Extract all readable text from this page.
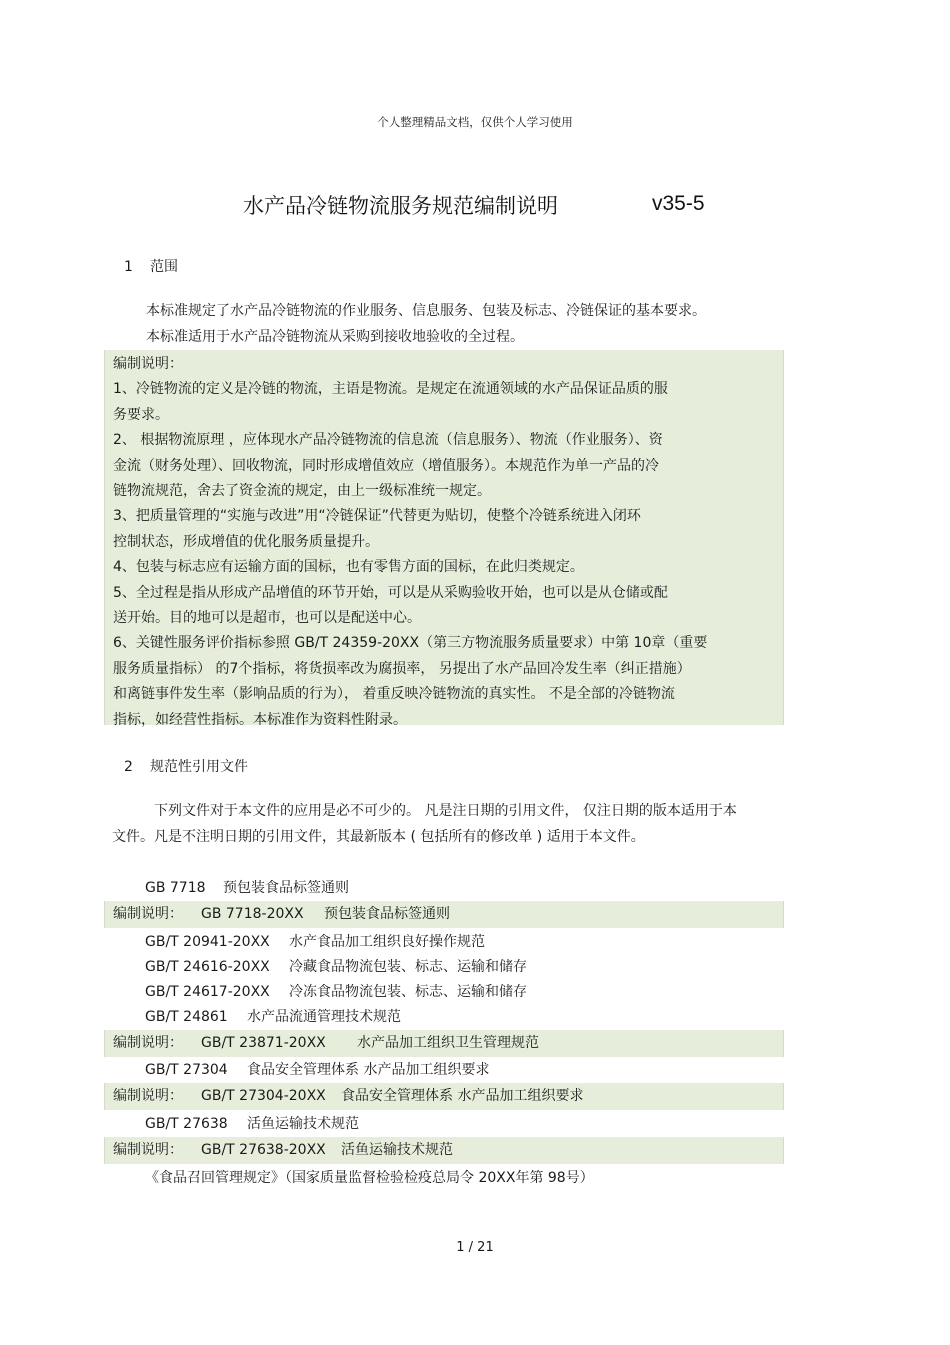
个人整理精品文档，仅供个人学习使用
水产品冷链物流服务规范编制说明	v35-5
1 范围
本标准规定了水产品冷链物流的作业服务、信息服务、包装及标志、冷链保证的基本要求。
本标准适用于水产品冷链物流从采购到接收地验收的全过程。
编制说明：
1、冷链物流的定义是冷链的物流，主语是物流。是规定在流通领域的水产品保证品质的服
务要求。
2、 根据物流原理 ，应体现水产品冷链物流的信息流（信息服务）、物流（作业服务）、资
金流（财务处理）、回收物流，同时形成增值效应（增值服务）。本规范作为单一产品的冷
链物流规范，舍去了资金流的规定，由上一级标准统一规定。
3、把质量管理的“实施与改进”用“冷链保证”代替更为贴切，使整个冷链系统进入闭环
控制状态，形成增值的优化服务质量提升。
4、包装与标志应有运输方面的国标，也有零售方面的国标，在此归类规定。
5、全过程是指从形成产品增值的环节开始，可以是从采购验收开始，也可以是从仓储或配
送开始。目的地可以是超市，也可以是配送中心。
6、关键性服务评价指标参照 GB/T 24359-20XX（第三方物流服务质量要求）中第 10章（重要
服务质量指标） 的7个指标，将货损率改为腐损率， 另提出了水产品回冷发生率（纠正措施）
和离链事件发生率（影响品质的行为）， 着重反映冷链物流的真实性。 不是全部的冷链物流
指标，如经营性指标。本标准作为资料性附录。
2 规范性引用文件
下列文件对于本文件的应用是必不可少的。 凡是注日期的引用文件， 仅注日期的版本适用于本
文件。凡是不注明日期的引用文件，其最新版本 ( 包括所有的修改单 ) 适用于本文件。
GB 7718 预包装食品标签通则
编制说明： GB 7718-20XX 预包装食品标签通则
GB/T 20941-20XX 水产食品加工组织良好操作规范
GB/T 24616-20XX 冷藏食品物流包装、标志、运输和储存
GB/T 24617-20XX 冷冻食品物流包装、标志、运输和储存
GB/T 24861 水产品流通管理技术规范
编制说明： GB/T 23871-20XX 水产品加工组织卫生管理规范
GB/T 27304 食品安全管理体系 水产品加工组织要求
编制说明： GB/T 27304-20XX 食品安全管理体系 水产品加工组织要求
GB/T 27638 活鱼运输技术规范
编制说明： GB/T 27638-20XX 活鱼运输技术规范
《食品召回管理规定》（国家质量监督检验检疫总局令 20XX年第 98号）
1 / 21
